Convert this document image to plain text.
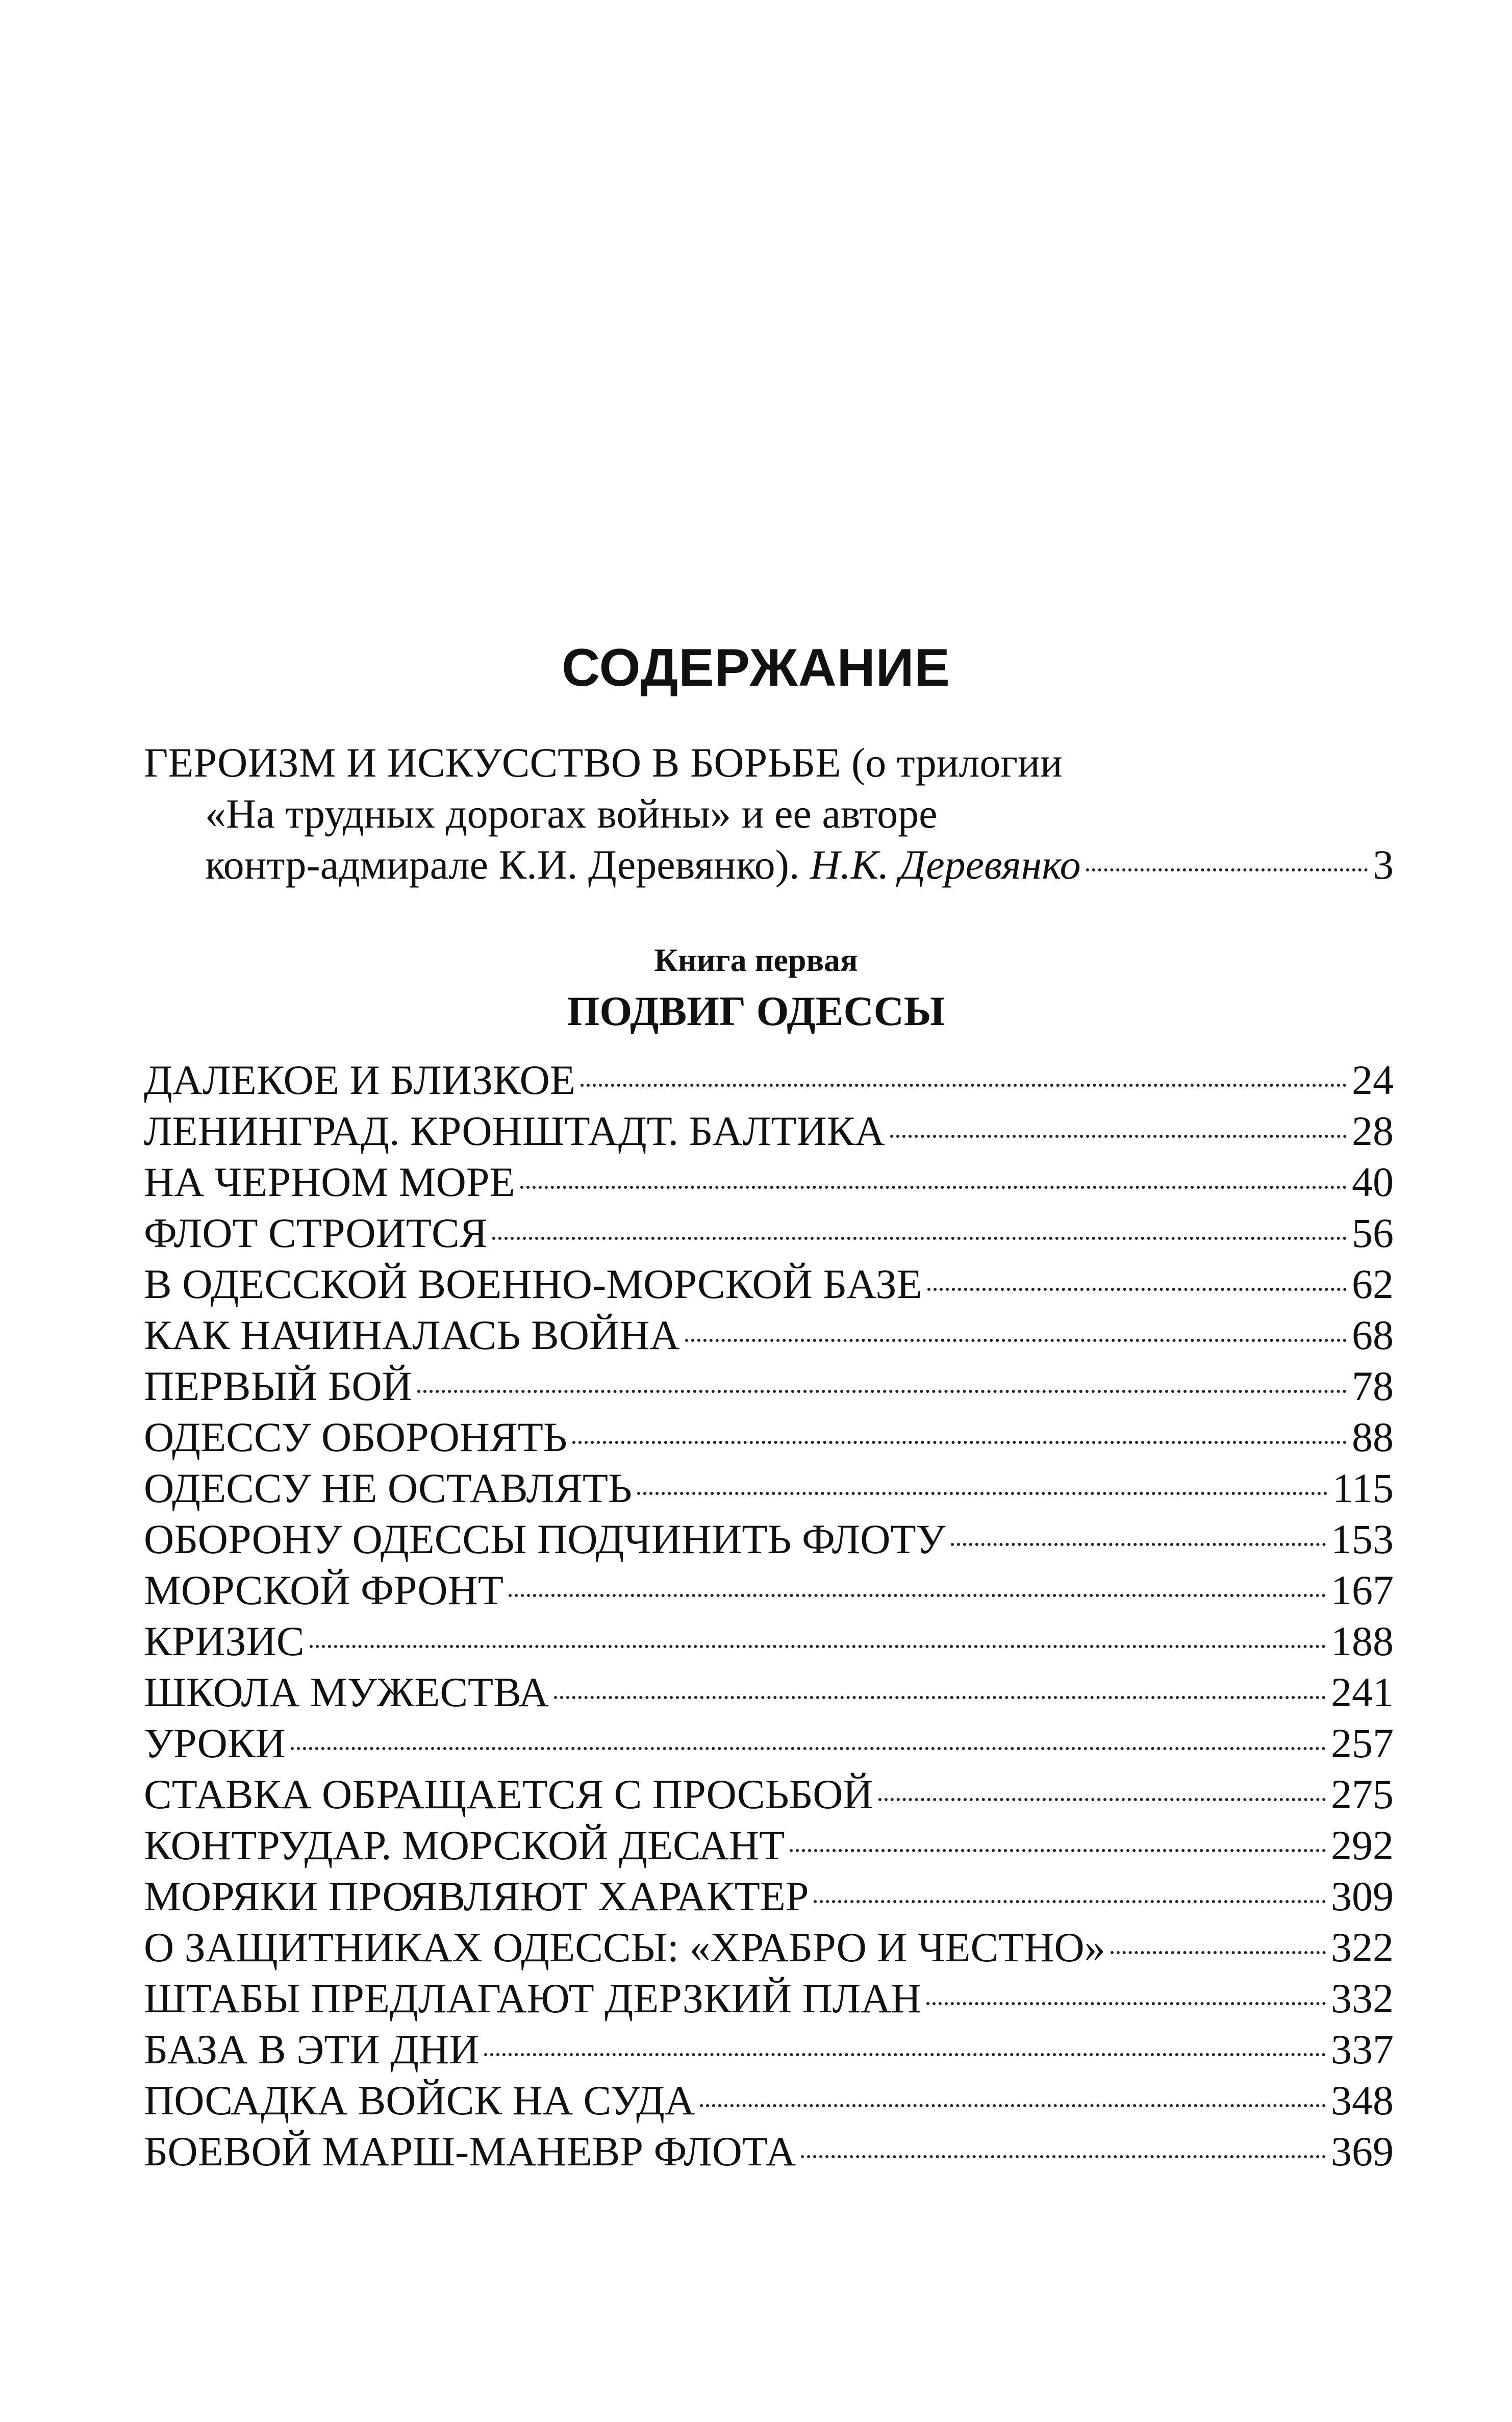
СОДЕРЖАНИЕ
ГЕРОИЗМ И ИСКУССТВО В БОРЬБЕ (о трилогии
«На трудных дорогах войны» и ее авторе
контр-адмирале К.И. Деревянко).
Н.К. Деревянко	3
Книга первая
ПОДВИГ ОДЕССЫ
ДАЛЕКОЕ И БЛИЗКОЕ	24
ЛЕНИНГРАД. КРОНШТАДТ. БАЛТИКА	28
НА ЧЕРНОМ МОРЕ	40
ФЛОТ СТРОИТСЯ	56
В ОДЕССКОЙ ВОЕННО-МОРСКОЙ БАЗЕ	62
КАК НАЧИНАЛАСЬ ВОЙНА	68
ПЕРВЫЙ БОЙ	78
ОДЕССУ ОБОРОНЯТЬ	88
ОДЕССУ НЕ ОСТАВЛЯТЬ	115
ОБОРОНУ ОДЕССЫ ПОДЧИНИТЬ ФЛОТУ	153
МОРСКОЙ ФРОНТ	167
КРИЗИС	188
ШКОЛА МУЖЕСТВА	241
УРОКИ	257
СТАВКА ОБРАЩАЕТСЯ С ПРОСЬБОЙ	275
КОНТРУДАР. МОРСКОЙ ДЕСАНТ	292
МОРЯКИ ПРОЯВЛЯЮТ ХАРАКТЕР	309
О ЗАЩИТНИКАХ ОДЕССЫ: «ХРАБРО И ЧЕСТНО»	322
ШТАБЫ ПРЕДЛАГАЮТ ДЕРЗКИЙ ПЛАН	332
БАЗА В ЭТИ ДНИ	337
ПОСАДКА ВОЙСК НА СУДА	348
БОЕВОЙ МАРШ-МАНЕВР ФЛОТА	369
